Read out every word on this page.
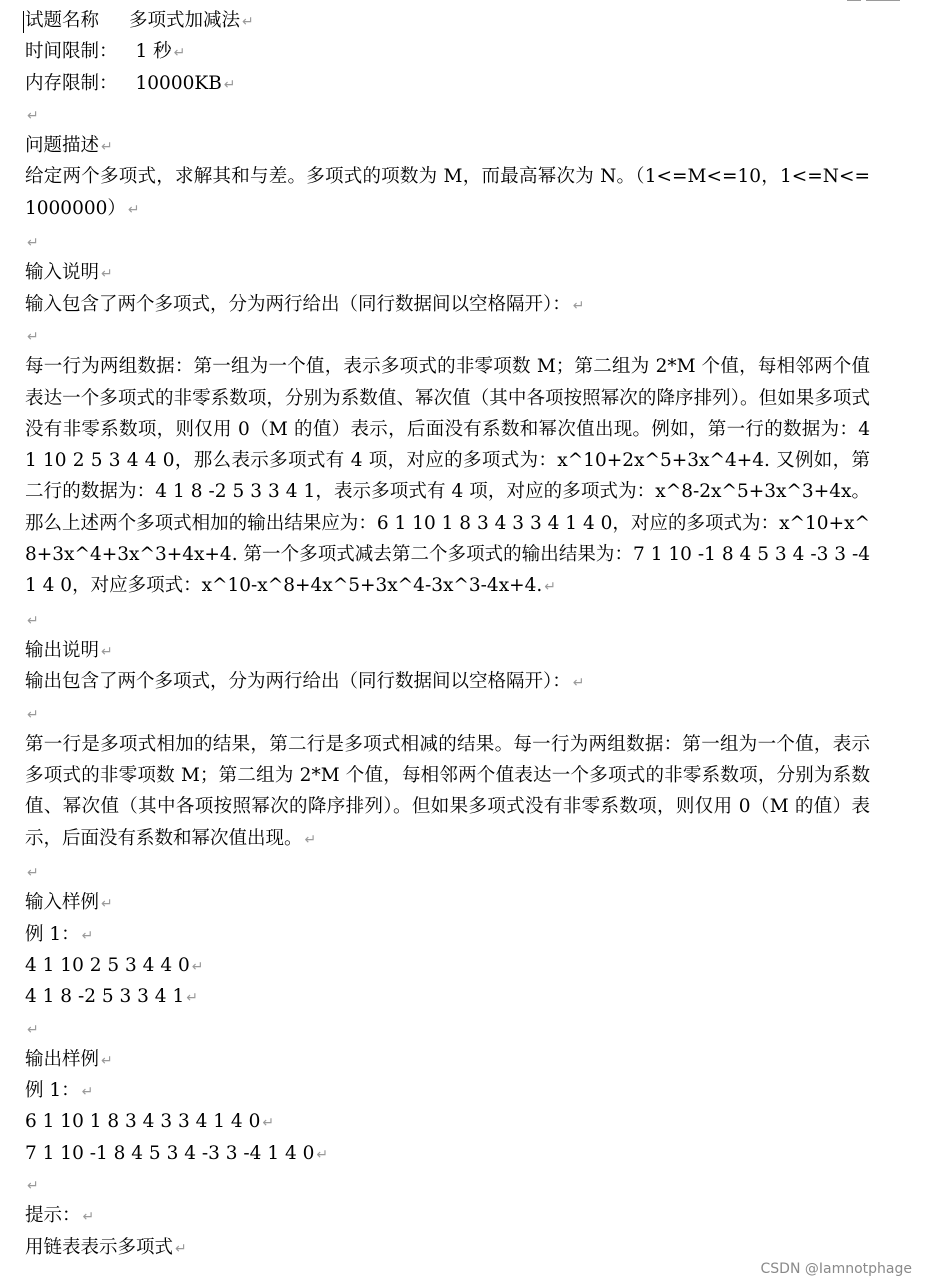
试题名称 多项式加减法 ↵
时间限制： 1 秒 ↵
内存限制： 10000KB ↵
↵
问题描述 ↵
给定两个多项式，求解其和与差。多项式的项数为 M，而最高幂次为 N。（1<=M<=10，1<=N<=1000000） ↵
↵
输入说明 ↵
输入包含了两个多项式，分为两行给出（同行数据间以空格隔开）： ↵
↵
每一行为两组数据：第一组为一个值，表示多项式的非零项数 M；第二组为 2*M 个值，每相邻两个值表达一个多项式的非零系数项，分别为系数值、幂次值（其中各项按照幂次的降序排列）。但如果多项式没有非零系数项，则仅用 0（M 的值）表示，后面没有系数和幂次值出现。例如，第一行的数据为：4 1 10 2 5 3 4 4 0，那么表示多项式有 4 项，对应的多项式为：x^10+2x^5+3x^4+4. 又例如，第二行的数据为：4 1 8 -2 5 3 3 4 1，表示多项式有 4 项，对应的多项式为：x^8-2x^5+3x^3+4x。那么上述两个多项式相加的输出结果应为：6 1 10 1 8 3 4 3 3 4 1 4 0，对应的多项式为：x^10+x^8+3x^4+3x^3+4x+4. 第一个多项式减去第二个多项式的输出结果为：7 1 10 -1 8 4 5 3 4 -3 3 -4 1 4 0，对应多项式：x^10-x^8+4x^5+3x^4-3x^3-4x+4. ↵
↵
输出说明 ↵
输出包含了两个多项式，分为两行给出（同行数据间以空格隔开）： ↵
↵
第一行是多项式相加的结果，第二行是多项式相减的结果。每一行为两组数据：第一组为一个值，表示多项式的非零项数 M；第二组为 2*M 个值，每相邻两个值表达一个多项式的非零系数项，分别为系数值、幂次值（其中各项按照幂次的降序排列）。但如果多项式没有非零系数项，则仅用 0（M 的值）表示，后面没有系数和幂次值出现。 ↵
↵
输入样例 ↵
例 1： ↵
4 1 10 2 5 3 4 4 0 ↵
4 1 8 -2 5 3 3 4 1 ↵
↵
输出样例 ↵
例 1： ↵
6 1 10 1 8 3 4 3 3 4 1 4 0 ↵
7 1 10 -1 8 4 5 3 4 -3 3 -4 1 4 0 ↵
↵
提示： ↵
用链表表示多项式 ↵
CSDN @Iamnotphage
